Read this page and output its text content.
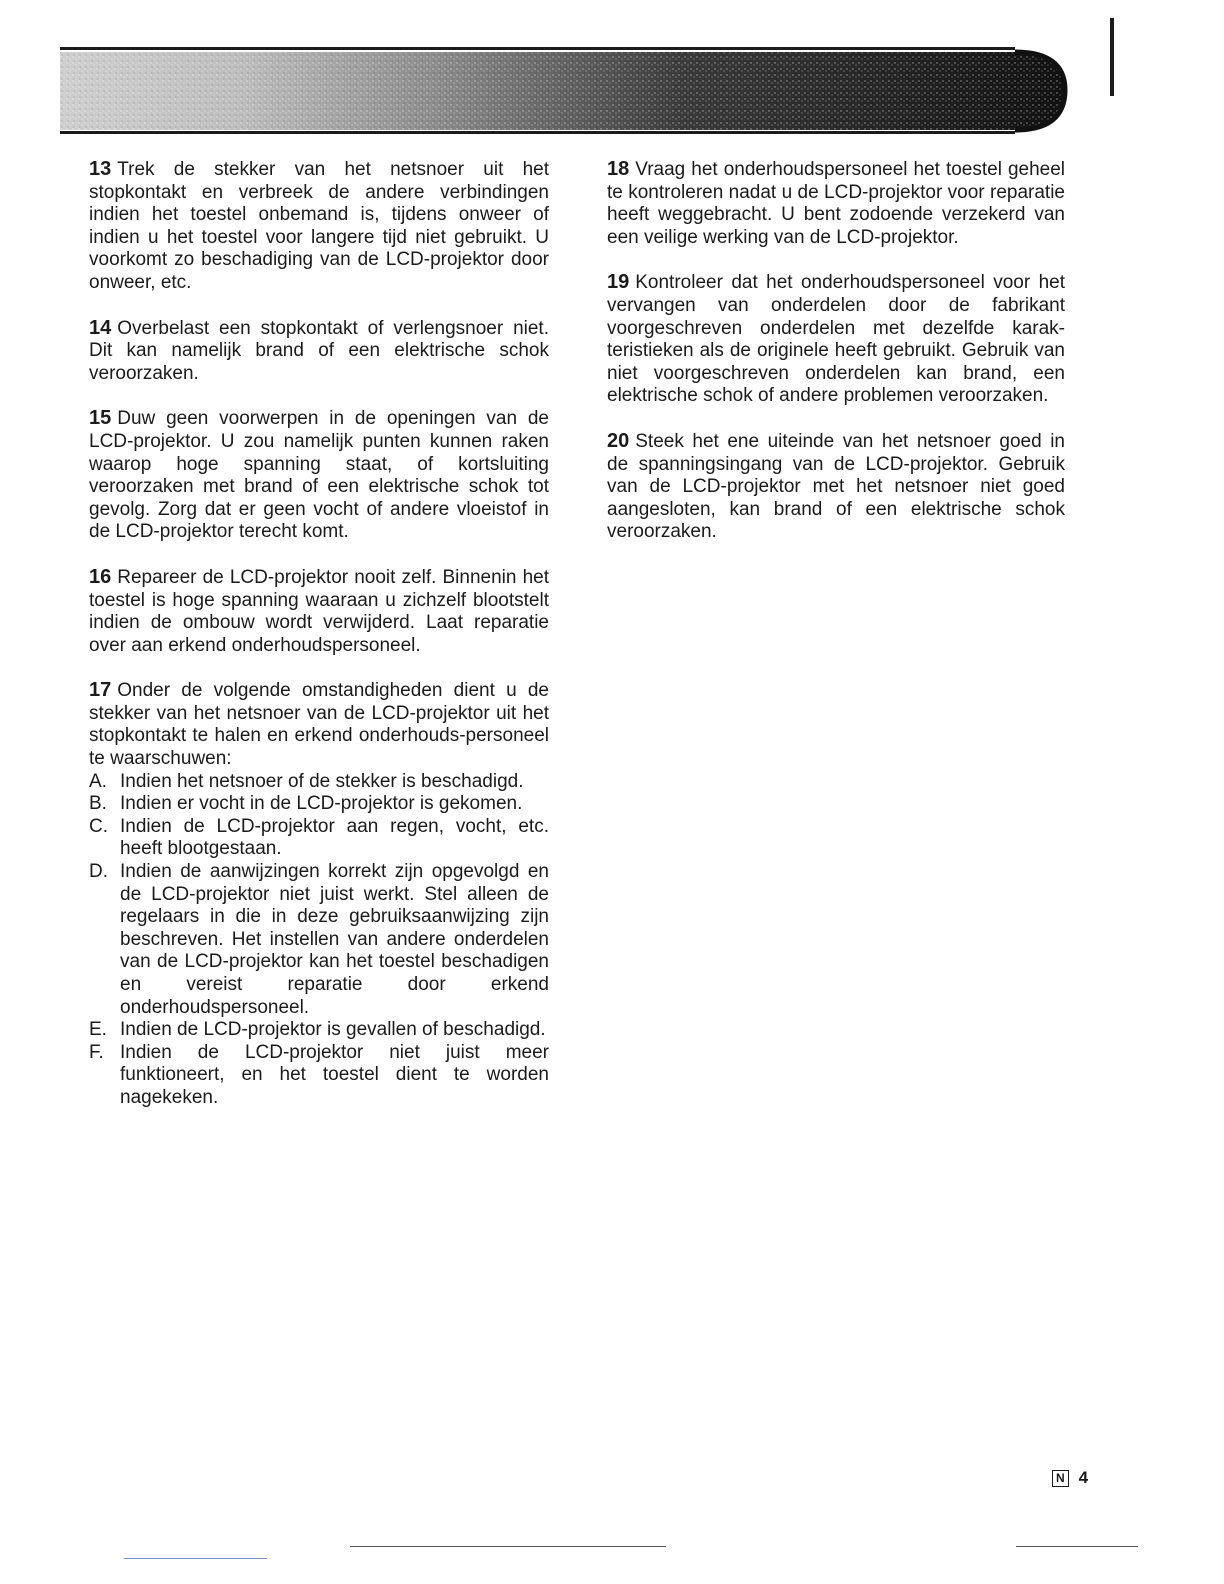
13 Trek de stekker van het netsnoer uit het stopkontakt en verbreek de andere verbindingen indien het toestel onbemand is, tijdens onweer of indien u het toestel voor langere tijd niet gebruikt. U voorkomt zo beschadiging van de LCD-projektor door onweer, etc.

14 Overbelast een stopkontakt of verlengsnoer niet. Dit kan namelijk brand of een elektrische schok veroorzaken.

15 Duw geen voorwerpen in de openingen van de LCD-projektor. U zou namelijk punten kunnen raken waarop hoge spanning staat, of kortsluiting veroorzaken met brand of een elektrische schok tot gevolg. Zorg dat er geen vocht of andere vloeistof in de LCD-projektor terecht komt.

16 Repareer de LCD-projektor nooit zelf. Binnenin het toestel is hoge spanning waaraan u zichzelf blootstelt indien de ombouw wordt verwijderd. Laat reparatie over aan erkend onderhoudspersoneel.

17 Onder de volgende omstandigheden dient u de stekker van het netsnoer van de LCD-projektor uit het stopkontakt te halen en erkend onderhouds-personeel te waarschuwen:

A. Indien het netsnoer of de stekker is beschadigd.
B. Indien er vocht in de LCD-projektor is gekomen.
C. Indien de LCD-projektor aan regen, vocht, etc. heeft blootgestaan.
D. Indien de aanwijzingen korrekt zijn opgevolgd en de LCD-projektor niet juist werkt. Stel alleen de regelaars in die in deze gebruiksaanwijzing zijn beschreven. Het instellen van andere onderdelen van de LCD-projektor kan het toestel beschadigen en vereist reparatie door erkend onderhoudspersoneel.
E. Indien de LCD-projektor is gevallen of beschadigd.
F. Indien de LCD-projektor niet juist meer funktioneert, en het toestel dient te worden nagekeken.

18 Vraag het onderhoudspersoneel het toestel geheel te kontroleren nadat u de LCD-projektor voor reparatie heeft weggebracht. U bent zodoende verzekerd van een veilige werking van de LCD-projektor.

19 Kontroleer dat het onderhoudspersoneel voor het vervangen van onderdelen door de fabrikant voorgeschreven onderdelen met dezelfde karak-teristieken als de originele heeft gebruikt. Gebruik van niet voorgeschreven onderdelen kan brand, een elektrische schok of andere problemen veroorzaken.

20 Steek het ene uiteinde van het netsnoer goed in de spanningsingang van de LCD-projektor. Gebruik van de LCD-projektor met het netsnoer niet goed aangesloten, kan brand of een elektrische schok veroorzaken.

N 4
